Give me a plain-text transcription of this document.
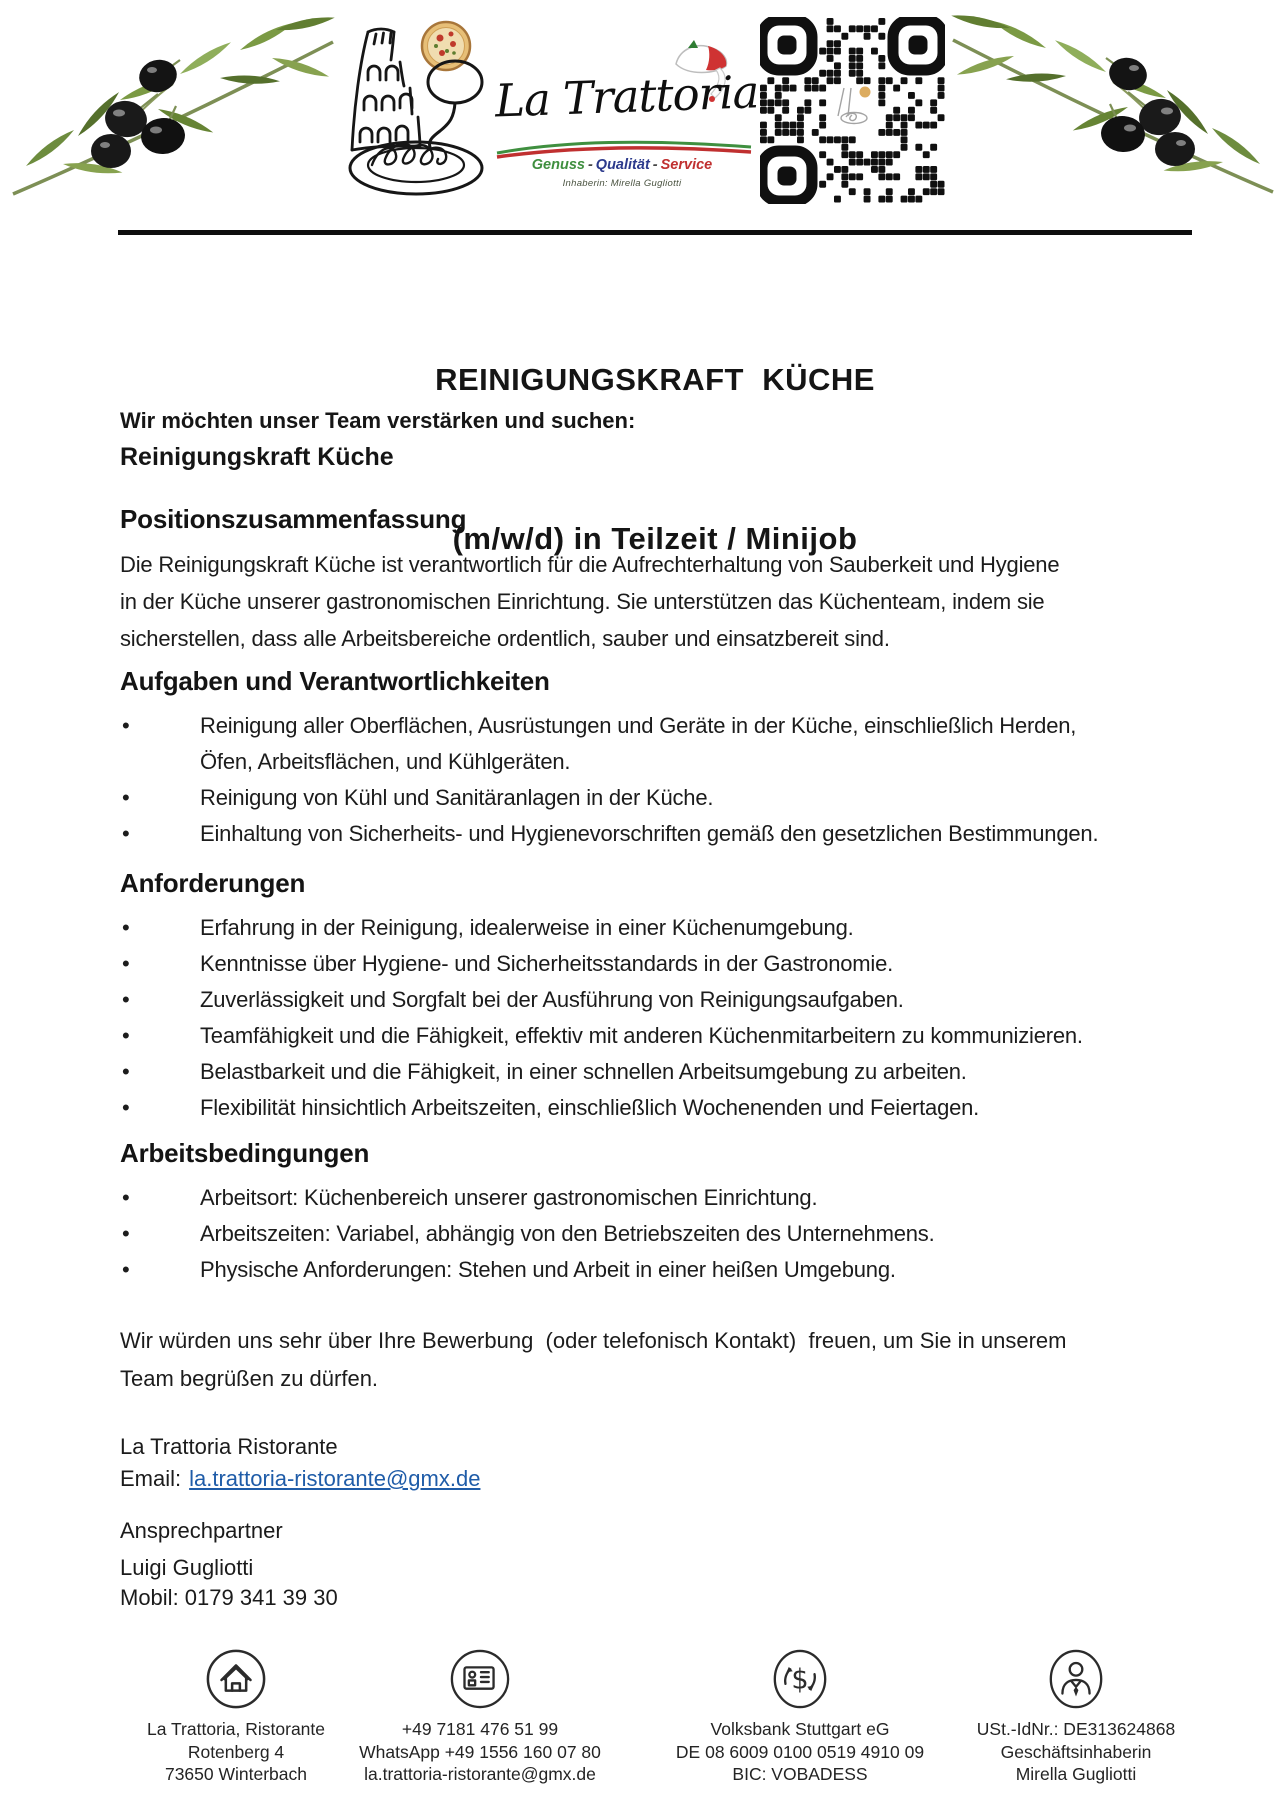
La Trattoria
Genuss - Qualität - Service
Inhaberin: Mirella Gugliotti

REINIGUNGSKRAFT  KÜCHE

(m/w/d) in Teilzeit / Minijob

Wir möchten unser Team verstärken und suchen:
Reinigungskraft Küche
Positionszusammenfassung
Die Reinigungskraft Küche ist verantwortlich für die Aufrechterhaltung von Sauberkeit und Hygiene
in der Küche unserer gastronomischen Einrichtung. Sie unterstützen das Küchenteam, indem sie
sicherstellen, dass alle Arbeitsbereiche ordentlich, sauber und einsatzbereit sind.
Aufgaben und Verantwortlichkeiten
• Reinigung aller Oberflächen, Ausrüstungen und Geräte in der Küche, einschließlich Herden,
Öfen, Arbeitsflächen, und Kühlgeräten.
• Reinigung von Kühl und Sanitäranlagen in der Küche.
• Einhaltung von Sicherheits- und Hygienevorschriften gemäß den gesetzlichen Bestimmungen.
Anforderungen
• Erfahrung in der Reinigung, idealerweise in einer Küchenumgebung.
• Kenntnisse über Hygiene- und Sicherheitsstandards in der Gastronomie.
• Zuverlässigkeit und Sorgfalt bei der Ausführung von Reinigungsaufgaben.
• Teamfähigkeit und die Fähigkeit, effektiv mit anderen Küchenmitarbeitern zu kommunizieren.
• Belastbarkeit und die Fähigkeit, in einer schnellen Arbeitsumgebung zu arbeiten.
• Flexibilität hinsichtlich Arbeitszeiten, einschließlich Wochenenden und Feiertagen.
Arbeitsbedingungen
• Arbeitsort: Küchenbereich unserer gastronomischen Einrichtung.
• Arbeitszeiten: Variabel, abhängig von den Betriebszeiten des Unternehmens.
• Physische Anforderungen: Stehen und Arbeit in einer heißen Umgebung.
Wir würden uns sehr über Ihre Bewerbung  (oder telefonisch Kontakt)  freuen, um Sie in unserem
Team begrüßen zu dürfen.
La Trattoria Ristorante
Email: la.trattoria-ristorante@gmx.de
Ansprechpartner
Luigi Gugliotti
Mobil: 0179 341 39 30
La Trattoria, Ristorante
Rotenberg 4
73650 Winterbach
+49 7181 476 51 99
WhatsApp +49 1556 160 07 80
la.trattoria-ristorante@gmx.de
$
Volksbank Stuttgart eG
DE 08 6009 0100 0519 4910 09
BIC: VOBADESS
USt.-IdNr.: DE313624868
Geschäftsinhaberin
Mirella Gugliotti
